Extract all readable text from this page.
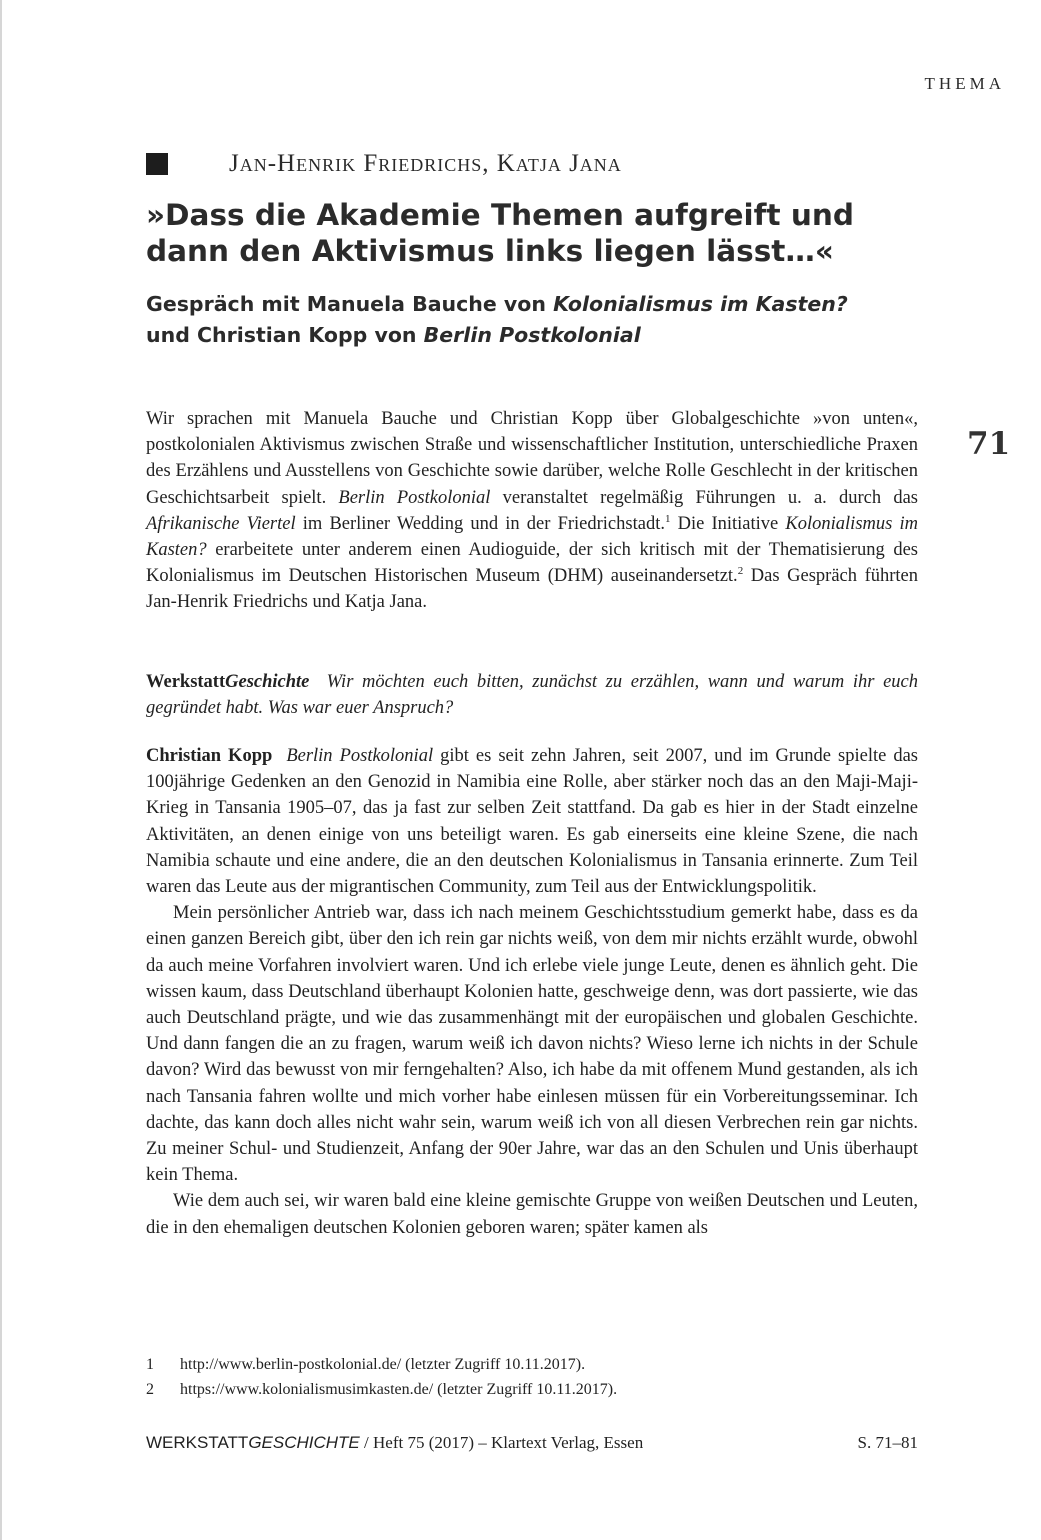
THEMA
71
Jan-Henrik Friedrichs, Katja Jana
»Dass die Akademie Themen aufgreift und dann den Aktivismus links liegen lässt…«
Gespräch mit Manuela Bauche von Kolonialismus im Kasten?
und Christian Kopp von Berlin Postkolonial

Wir sprachen mit Manuela Bauche und Christian Kopp über Globalgeschichte »von unten«, postkolonialen Aktivismus zwischen Straße und wissenschaftlicher Institution, unterschiedliche Praxen des Erzählens und Ausstellens von Geschichte sowie darüber, welche Rolle Geschlecht in der kritischen Geschichtsarbeit spielt. Berlin Postkolonial veranstaltet regelmäßig Führungen u. a. durch das Afrikanische Viertel im Berliner Wedding und in der Friedrichstadt.$^1$ Die Initiative Kolonialismus im Kasten? erarbeitete unter anderem einen Audioguide, der sich kritisch mit der Thematisierung des Kolonialismus im Deutschen Historischen Museum (DHM) auseinandersetzt.$^2$ Das Gespräch führten Jan-Henrik Friedrichs und Katja Jana.

WerkstattGeschichte Wir möchten euch bitten, zunächst zu erzählen, wann und warum ihr euch gegründet habt. Was war euer Anspruch?

Christian Kopp Berlin Postkolonial gibt es seit zehn Jahren, seit 2007, und im Grunde spielte das 100jährige Gedenken an den Genozid in Namibia eine Rolle, aber stärker noch das an den Maji-Maji-Krieg in Tansania 1905–07, das ja fast zur selben Zeit stattfand. Da gab es hier in der Stadt einzelne Aktivitäten, an denen einige von uns beteiligt waren. Es gab einerseits eine kleine Szene, die nach Namibia schaute und eine andere, die an den deutschen Kolonialismus in Tansania erinnerte. Zum Teil waren das Leute aus der migrantischen Community, zum Teil aus der Entwicklungspolitik.

Mein persönlicher Antrieb war, dass ich nach meinem Geschichtsstudium gemerkt habe, dass es da einen ganzen Bereich gibt, über den ich rein gar nichts weiß, von dem mir nichts erzählt wurde, obwohl da auch meine Vorfahren involviert waren. Und ich erlebe viele junge Leute, denen es ähnlich geht. Die wissen kaum, dass Deutschland überhaupt Kolonien hatte, geschweige denn, was dort passierte, wie das auch Deutschland prägte, und wie das zusammenhängt mit der europäischen und globalen Geschichte. Und dann fangen die an zu fragen, warum weiß ich davon nichts? Wieso lerne ich nichts in der Schule davon? Wird das bewusst von mir ferngehalten? Also, ich habe da mit offenem Mund gestanden, als ich nach Tansania fahren wollte und mich vorher habe einlesen müssen für ein Vorbereitungsseminar. Ich dachte, das kann doch alles nicht wahr sein, warum weiß ich von all diesen Verbrechen rein gar nichts. Zu meiner Schul- und Studienzeit, Anfang der 90er Jahre, war das an den Schulen und Unis überhaupt kein Thema.

Wie dem auch sei, wir waren bald eine kleine gemischte Gruppe von weißen Deutschen und Leuten, die in den ehemaligen deutschen Kolonien geboren waren; später kamen als

1	http://www.berlin-postkolonial.de/ (letzter Zugriff 10.11.2017).
2	https://www.kolonialismusimkasten.de/ (letzter Zugriff 10.11.2017).
WERKSTATTGESCHICHTE / Heft 75 (2017) – Klartext Verlag, Essen	S. 71–81
